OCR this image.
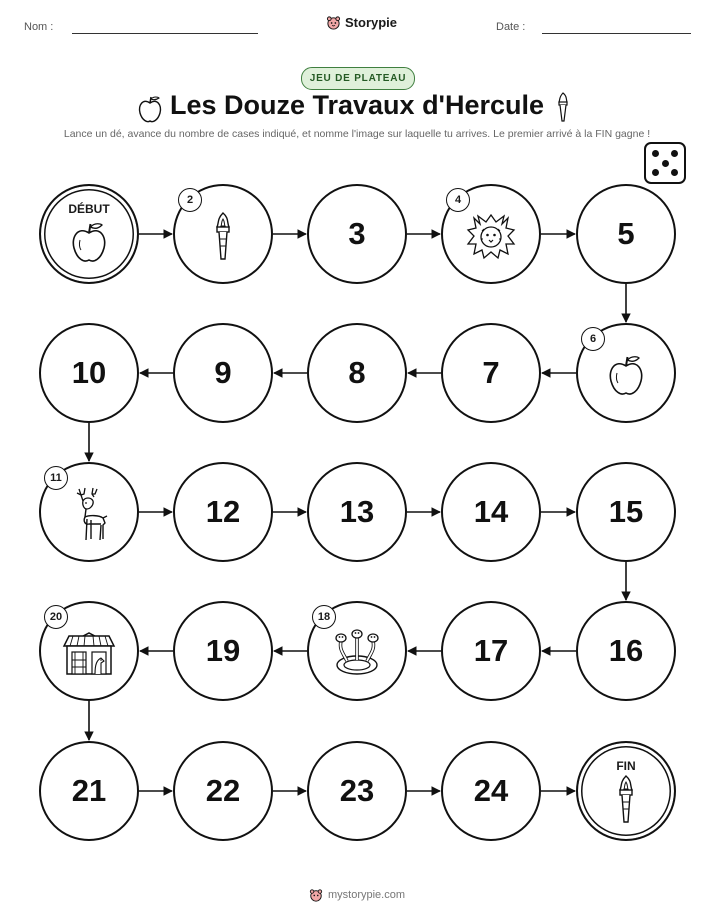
Nom :	Storypie	Date :
JEU DE PLATEAU
Les Douze Travaux d'Hercule
Lance un dé, avance du nombre de cases indiqué, et nomme l'image sur laquelle tu arrives. Le premier arrivé à la FIN gagne !
DÉBUT
2
3
4
5
6
7
8
9
10
11
12	13	14	15
16
17
18
19
20
21	22	23	24
FIN
mystorypie.com
